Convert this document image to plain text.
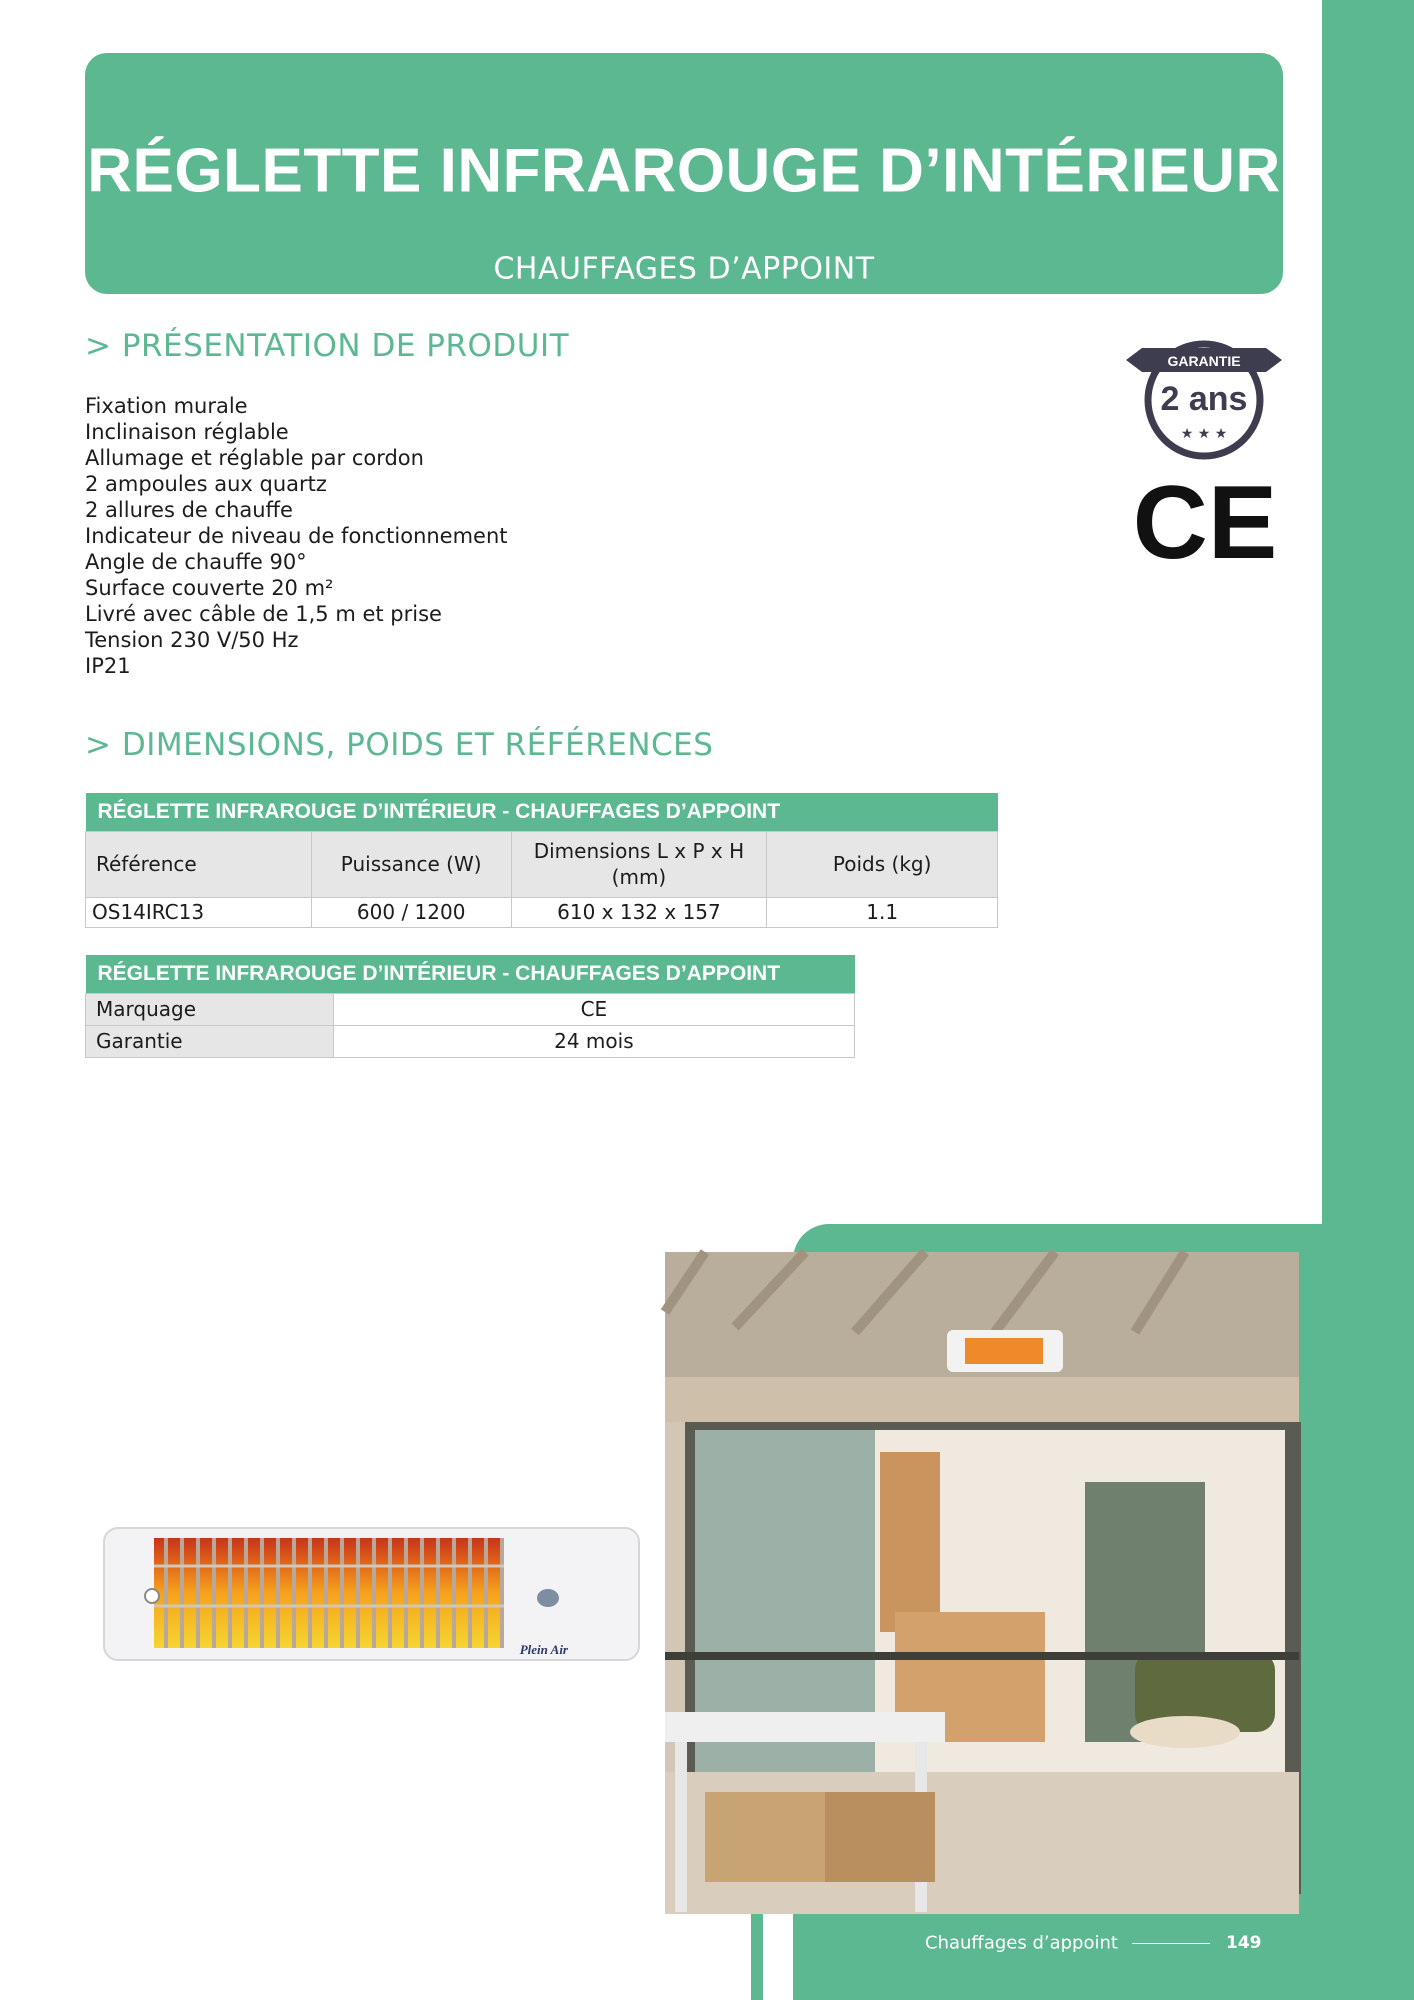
RÉGLETTE INFRAROUGE D’INTÉRIEUR
CHAUFFAGES D’APPOINT
> PRÉSENTATION DE PRODUIT
Fixation murale
Inclinaison réglable
Allumage et réglable par cordon
2 ampoules aux quartz
2 allures de chauffe
Indicateur de niveau de fonctionnement
Angle de chauffe 90°
Surface couverte 20 m²
Livré avec câble de 1,5 m et prise
Tension 230 V/50 Hz
IP21
GARANTIE
2 ans
★ ★ ★
CE
> DIMENSIONS, POIDS ET RÉFÉRENCES
RÉGLETTE INFRAROUGE D’INTÉRIEUR - CHAUFFAGES D’APPOINT			
Référence	Puissance (W)	Dimensions L x P x H (mm)	Poids (kg)
OS14IRC13	600 / 1200	610 x 132 x 157	1.1
RÉGLETTE INFRAROUGE D’INTÉRIEUR - CHAUFFAGES D’APPOINT	
Marquage	CE
Garantie	24 mois
Plein Air
Chauffages d’appoint	149
